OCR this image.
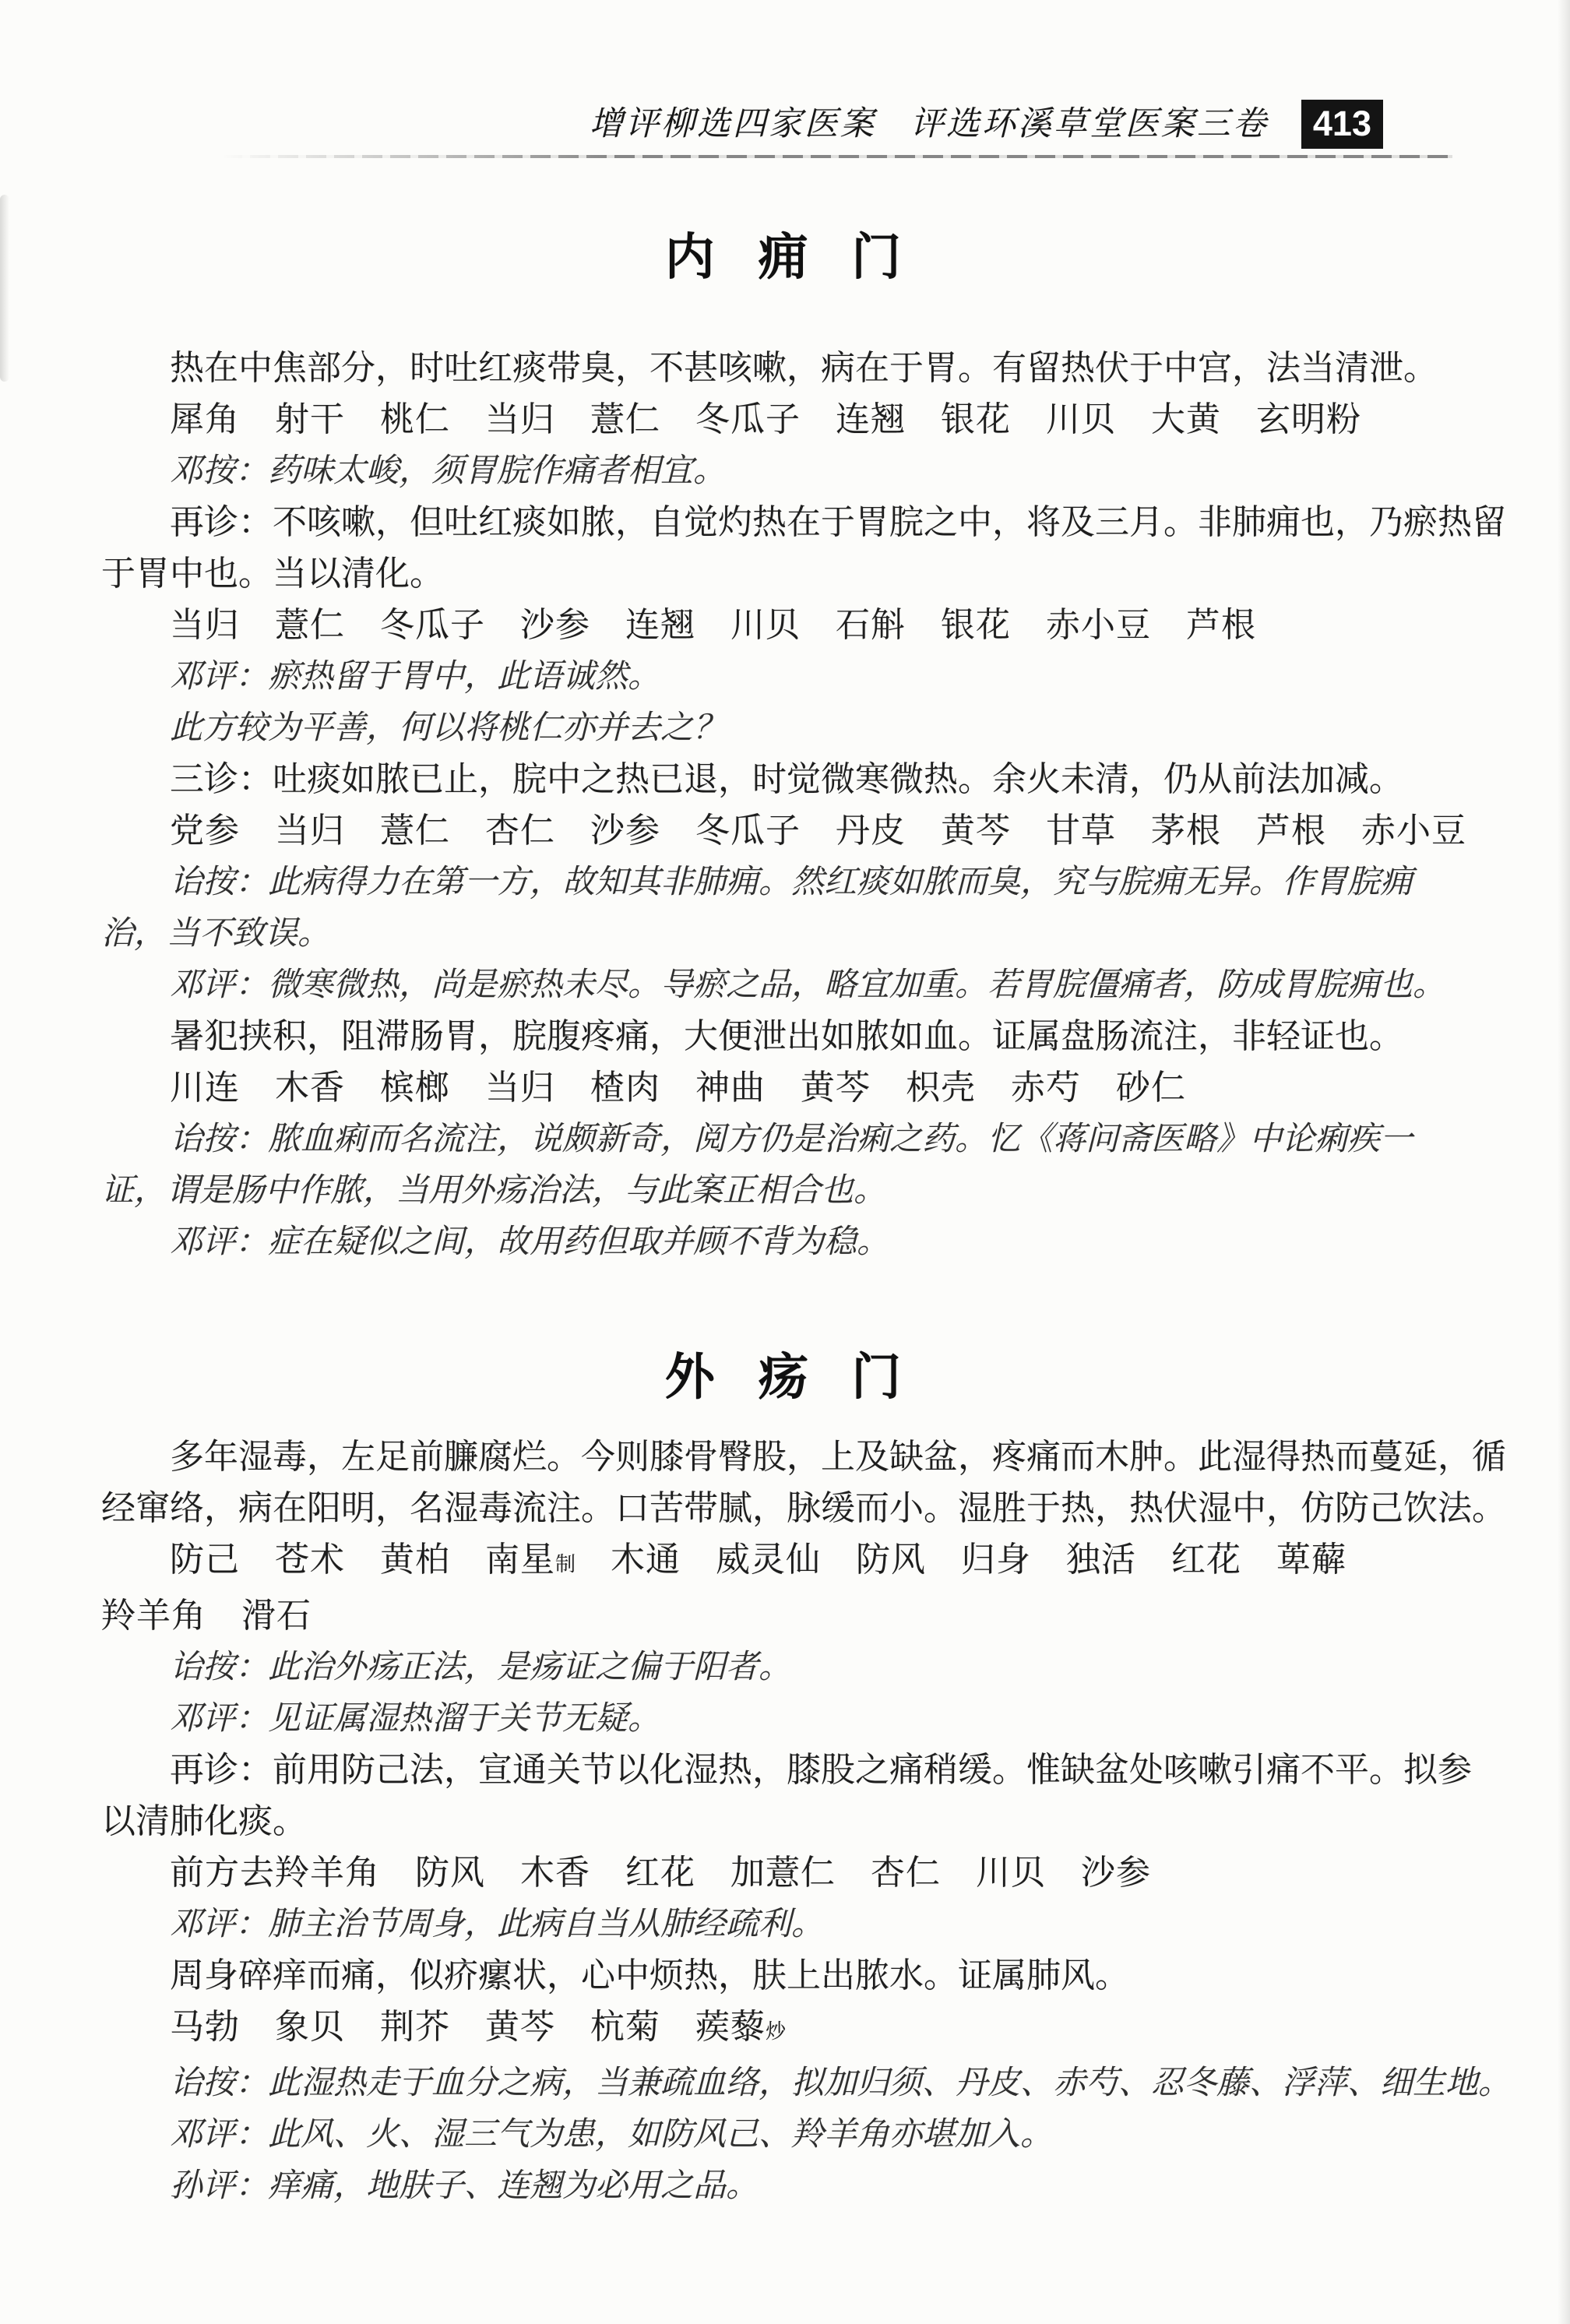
增评柳选四家医案 评选环溪草堂医案三卷	413
内 痈 门
热在中焦部分，时吐红痰带臭，不甚咳嗽，病在于胃。有留热伏于中宫，法当清泄。
犀角　射干　桃仁　当归　薏仁　冬瓜子　连翘　银花　川贝　大黄　玄明粉
邓按：药味太峻，须胃脘作痛者相宜。
再诊：不咳嗽，但吐红痰如脓，自觉灼热在于胃脘之中，将及三月。非肺痈也，乃瘀热留
于胃中也。当以清化。
当归　薏仁　冬瓜子　沙参　连翘　川贝　石斛　银花　赤小豆　芦根
邓评：瘀热留于胃中，此语诚然。
此方较为平善，何以将桃仁亦并去之？
三诊：吐痰如脓已止，脘中之热已退，时觉微寒微热。余火未清，仍从前法加减。
党参　当归　薏仁　杏仁　沙参　冬瓜子　丹皮　黄芩　甘草　茅根　芦根　赤小豆
诒按：此病得力在第一方，故知其非肺痈。然红痰如脓而臭，究与脘痈无异。作胃脘痈
治，当不致误。
邓评：微寒微热，尚是瘀热未尽。导瘀之品，略宜加重。若胃脘僵痛者，防成胃脘痈也。
暑犯挟积，阻滞肠胃，脘腹疼痛，大便泄出如脓如血。证属盘肠流注，非轻证也。
川连　木香　槟榔　当归　楂肉　神曲　黄芩　枳壳　赤芍　砂仁
诒按：脓血痢而名流注，说颇新奇，阅方仍是治痢之药。忆《蒋问斋医略》中论痢疾一
证，谓是肠中作脓，当用外疡治法，与此案正相合也。
邓评：症在疑似之间，故用药但取并顾不背为稳。
外 疡 门
多年湿毒，左足前臁腐烂。今则膝骨臀股，上及缺盆，疼痛而木肿。此湿得热而蔓延，循
经窜络，病在阳明，名湿毒流注。口苦带腻，脉缓而小。湿胜于热，热伏湿中，仿防己饮法。
防己　苍术　黄柏　南星制　木通　威灵仙　防风　归身　独活　红花　萆薢
羚羊角　滑石
诒按：此治外疡正法，是疡证之偏于阳者。
邓评：见证属湿热溜于关节无疑。
再诊：前用防己法，宣通关节以化湿热，膝股之痛稍缓。惟缺盆处咳嗽引痛不平。拟参
以清肺化痰。
前方去羚羊角　防风　木香　红花　加薏仁　杏仁　川贝　沙参
邓评：肺主治节周身，此病自当从肺经疏利。
周身碎痒而痛，似疥瘰状，心中烦热，肤上出脓水。证属肺风。
马勃　象贝　荆芥　黄芩　杭菊　蒺藜炒
诒按：此湿热走于血分之病，当兼疏血络，拟加归须、丹皮、赤芍、忍冬藤、浮萍、细生地。
邓评：此风、火、湿三气为患，如防风己、羚羊角亦堪加入。
孙评：痒痛，地肤子、连翘为必用之品。
